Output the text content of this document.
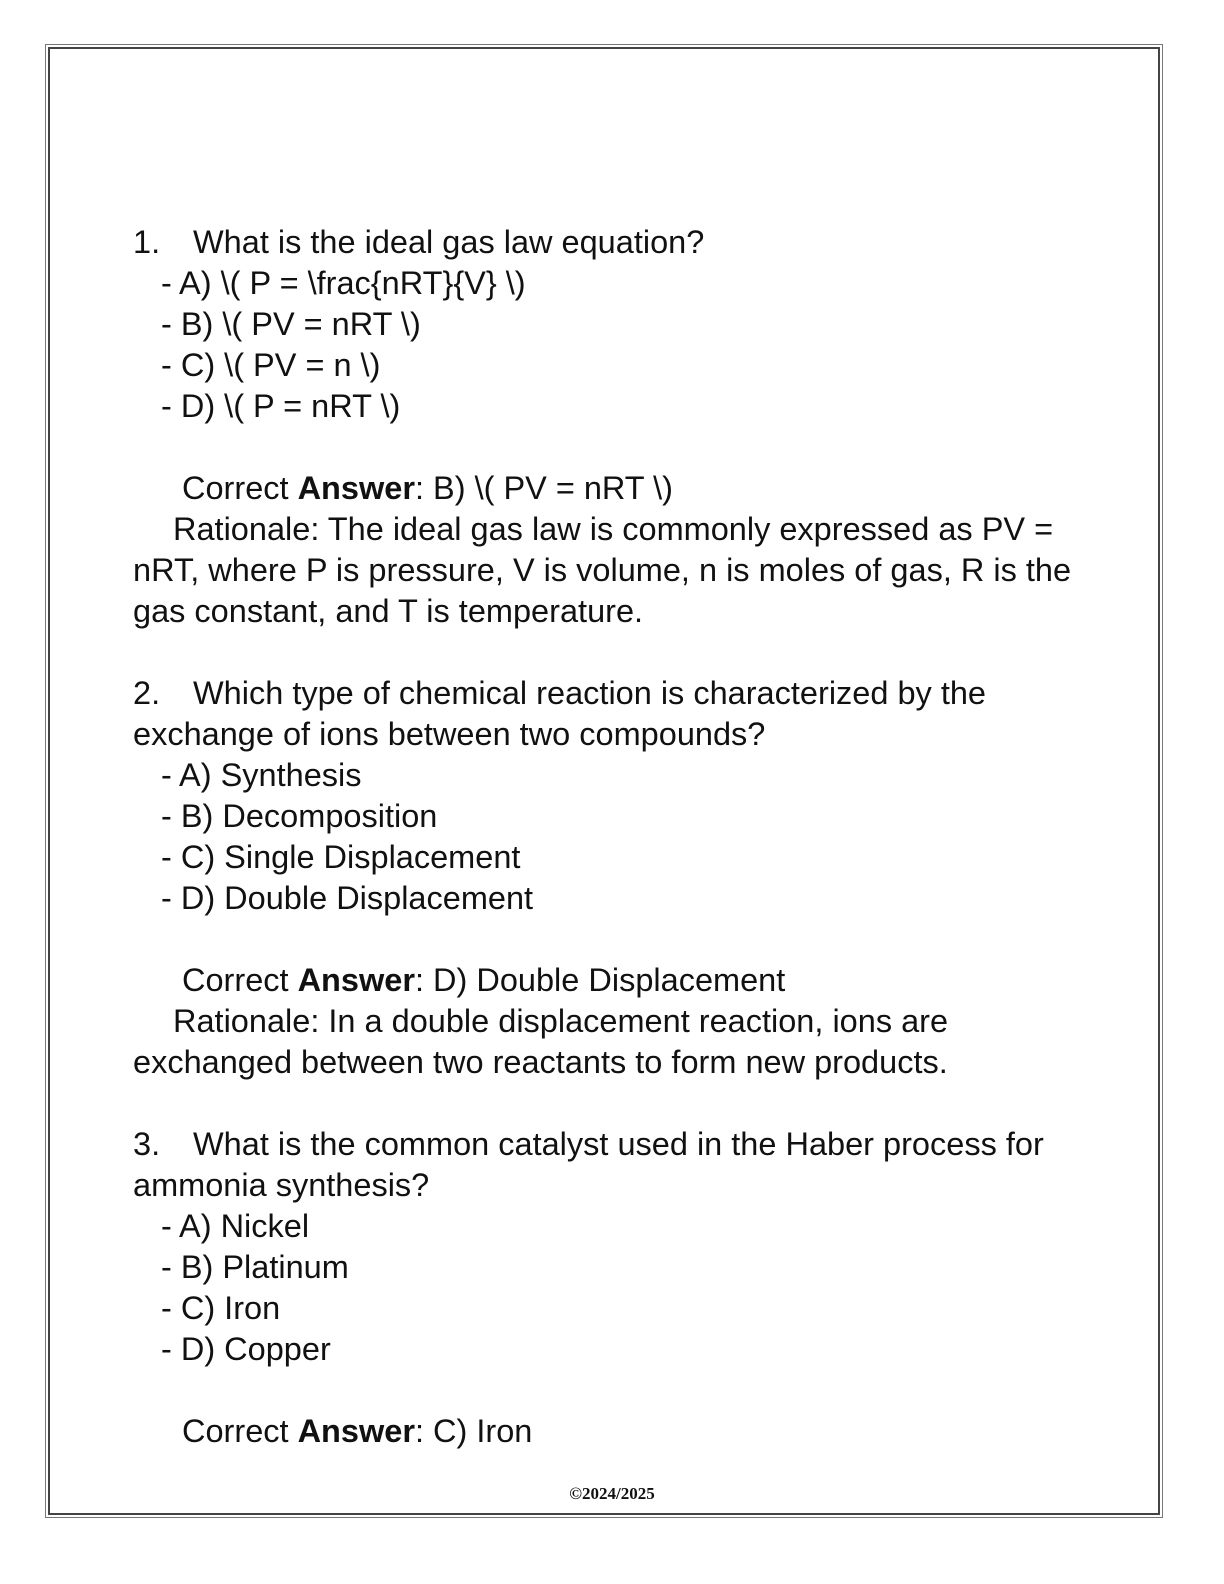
1. What is the ideal gas law equation?
- A) \( P = \frac{nRT}{V} \)
- B) \( PV = nRT \)
- C) \( PV = n \)
- D) \( P = nRT \)
Correct Answer: B) \( PV = nRT \)
Rationale: The ideal gas law is commonly expressed as PV = nRT, where P is pressure, V is volume, n is moles of gas, R is the gas constant, and T is temperature.
2. Which type of chemical reaction is characterized by the exchange of ions between two compounds?
- A) Synthesis
- B) Decomposition
- C) Single Displacement
- D) Double Displacement
Correct Answer: D) Double Displacement
Rationale: In a double displacement reaction, ions are exchanged between two reactants to form new products.
3. What is the common catalyst used in the Haber process for ammonia synthesis?
- A) Nickel
- B) Platinum
- C) Iron
- D) Copper
Correct Answer: C) Iron
©2024/2025
